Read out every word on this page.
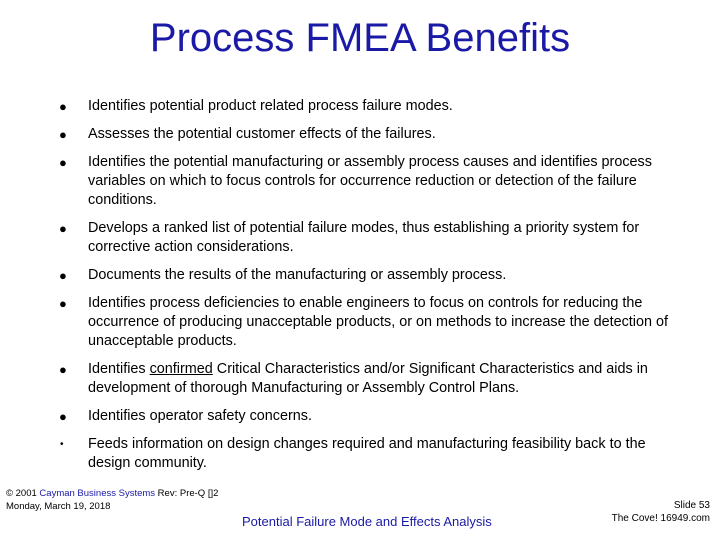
Process FMEA Benefits
● Identifies potential product related process failure modes.
● Assesses the potential customer effects of the failures.
● Identifies the potential manufacturing or assembly process causes and identifies process variables on which to focus controls for occurrence reduction or detection of the failure conditions.
● Develops a ranked list of potential failure modes, thus establishing a priority system for corrective action considerations.
● Documents the results of the manufacturing or assembly process.
● Identifies process deficiencies to enable engineers to focus on controls for reducing the occurrence of producing unacceptable products, or on methods to increase the detection of unacceptable products.
● Identifies confirmed Critical Characteristics and/or Significant Characteristics and aids in development of thorough Manufacturing or Assembly Control Plans.
● Identifies operator safety concerns.
• Feeds information on design changes required and manufacturing feasibility back to the design community.
© 2001 Cayman Business Systems Rev: Pre-Q []2
Monday, March 19, 2018
Potential Failure Mode and Effects Analysis
Slide 53
The Cove! 16949.com
